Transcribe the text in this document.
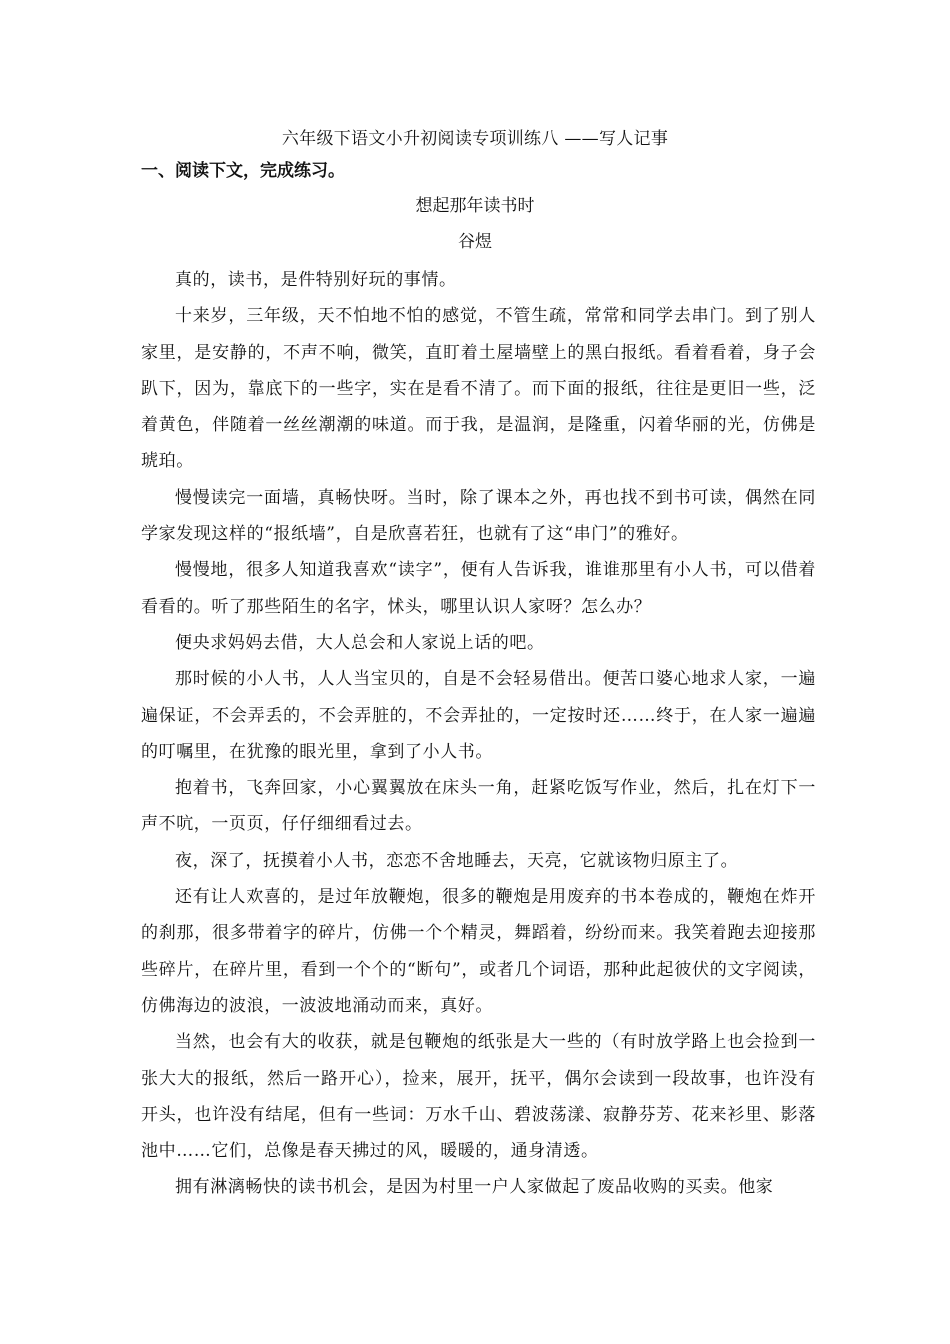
六年级下语文小升初阅读专项训练八 ——写人记事
一、阅读下文，完成练习。
想起那年读书时
谷煜

真的，读书，是件特别好玩的事情。

十来岁，三年级，天不怕地不怕的感觉，不管生疏，常常和同学去串门。到了别人家里，是安静的，不声不响，微笑，直盯着土屋墙壁上的黑白报纸。看着看着，身子会趴下，因为，靠底下的一些字，实在是看不清了。而下面的报纸，往往是更旧一些，泛着黄色，伴随着一丝丝潮潮的味道。而于我，是温润，是隆重，闪着华丽的光，仿佛是琥珀。

慢慢读完一面墙，真畅快呀。当时，除了课本之外，再也找不到书可读，偶然在同学家发现这样的“报纸墙”，自是欣喜若狂，也就有了这“串门”的雅好。

慢慢地，很多人知道我喜欢“读字”，便有人告诉我，谁谁那里有小人书，可以借着看看的。听了那些陌生的名字，怵头，哪里认识人家呀？怎么办？

便央求妈妈去借，大人总会和人家说上话的吧。

那时候的小人书，人人当宝贝的，自是不会轻易借出。便苦口婆心地求人家，一遍遍保证，不会弄丢的，不会弄脏的，不会弄扯的，一定按时还……终于，在人家一遍遍的叮嘱里，在犹豫的眼光里，拿到了小人书。

抱着书，飞奔回家，小心翼翼放在床头一角，赶紧吃饭写作业，然后，扎在灯下一声不吭，一页页，仔仔细细看过去。

夜，深了，抚摸着小人书，恋恋不舍地睡去，天亮，它就该物归原主了。

还有让人欢喜的，是过年放鞭炮，很多的鞭炮是用废弃的书本卷成的，鞭炮在炸开的刹那，很多带着字的碎片，仿佛一个个精灵，舞蹈着，纷纷而来。我笑着跑去迎接那些碎片，在碎片里，看到一个个的“断句”，或者几个词语，那种此起彼伏的文字阅读，仿佛海边的波浪，一波波地涌动而来，真好。

当然，也会有大的收获，就是包鞭炮的纸张是大一些的（有时放学路上也会捡到一张大大的报纸，然后一路开心），捡来，展开，抚平，偶尔会读到一段故事，也许没有开头，也许没有结尾，但有一些词：万水千山、碧波荡漾、寂静芬芳、花来衫里、影落池中……它们，总像是春天拂过的风，暖暖的，通身清透。

拥有淋漓畅快的读书机会，是因为村里一户人家做起了废品收购的买卖。他家
